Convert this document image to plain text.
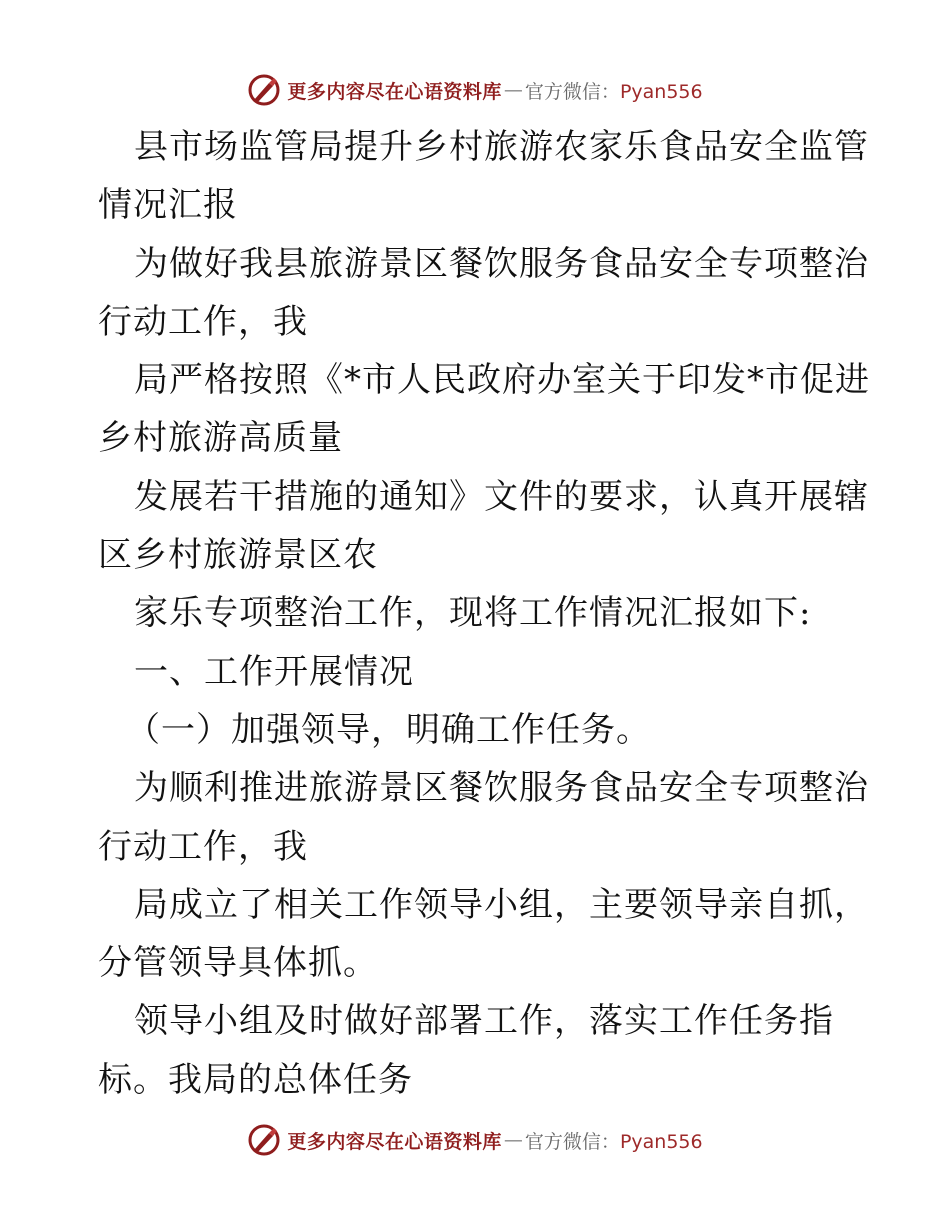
更多内容尽在心语资料库 — 官方微信：Pyan556
县市场监管局提升乡村旅游农家乐食品安全监管
情况汇报
为做好我县旅游景区餐饮服务食品安全专项整治
行动工作，我
局严格按照《*市人民政府办室关于印发*市促进
乡村旅游高质量
发展若干措施的通知》文件的要求，认真开展辖
区乡村旅游景区农
家乐专项整治工作，现将工作情况汇报如下:
一、工作开展情况
（一）加强领导，明确工作任务。
为顺利推进旅游景区餐饮服务食品安全专项整治
行动工作，我
局成立了相关工作领导小组，主要领导亲自抓，
分管领导具体抓。
领导小组及时做好部署工作，落实工作任务指
标。我局的总体任务
更多内容尽在心语资料库 — 官方微信：Pyan556
